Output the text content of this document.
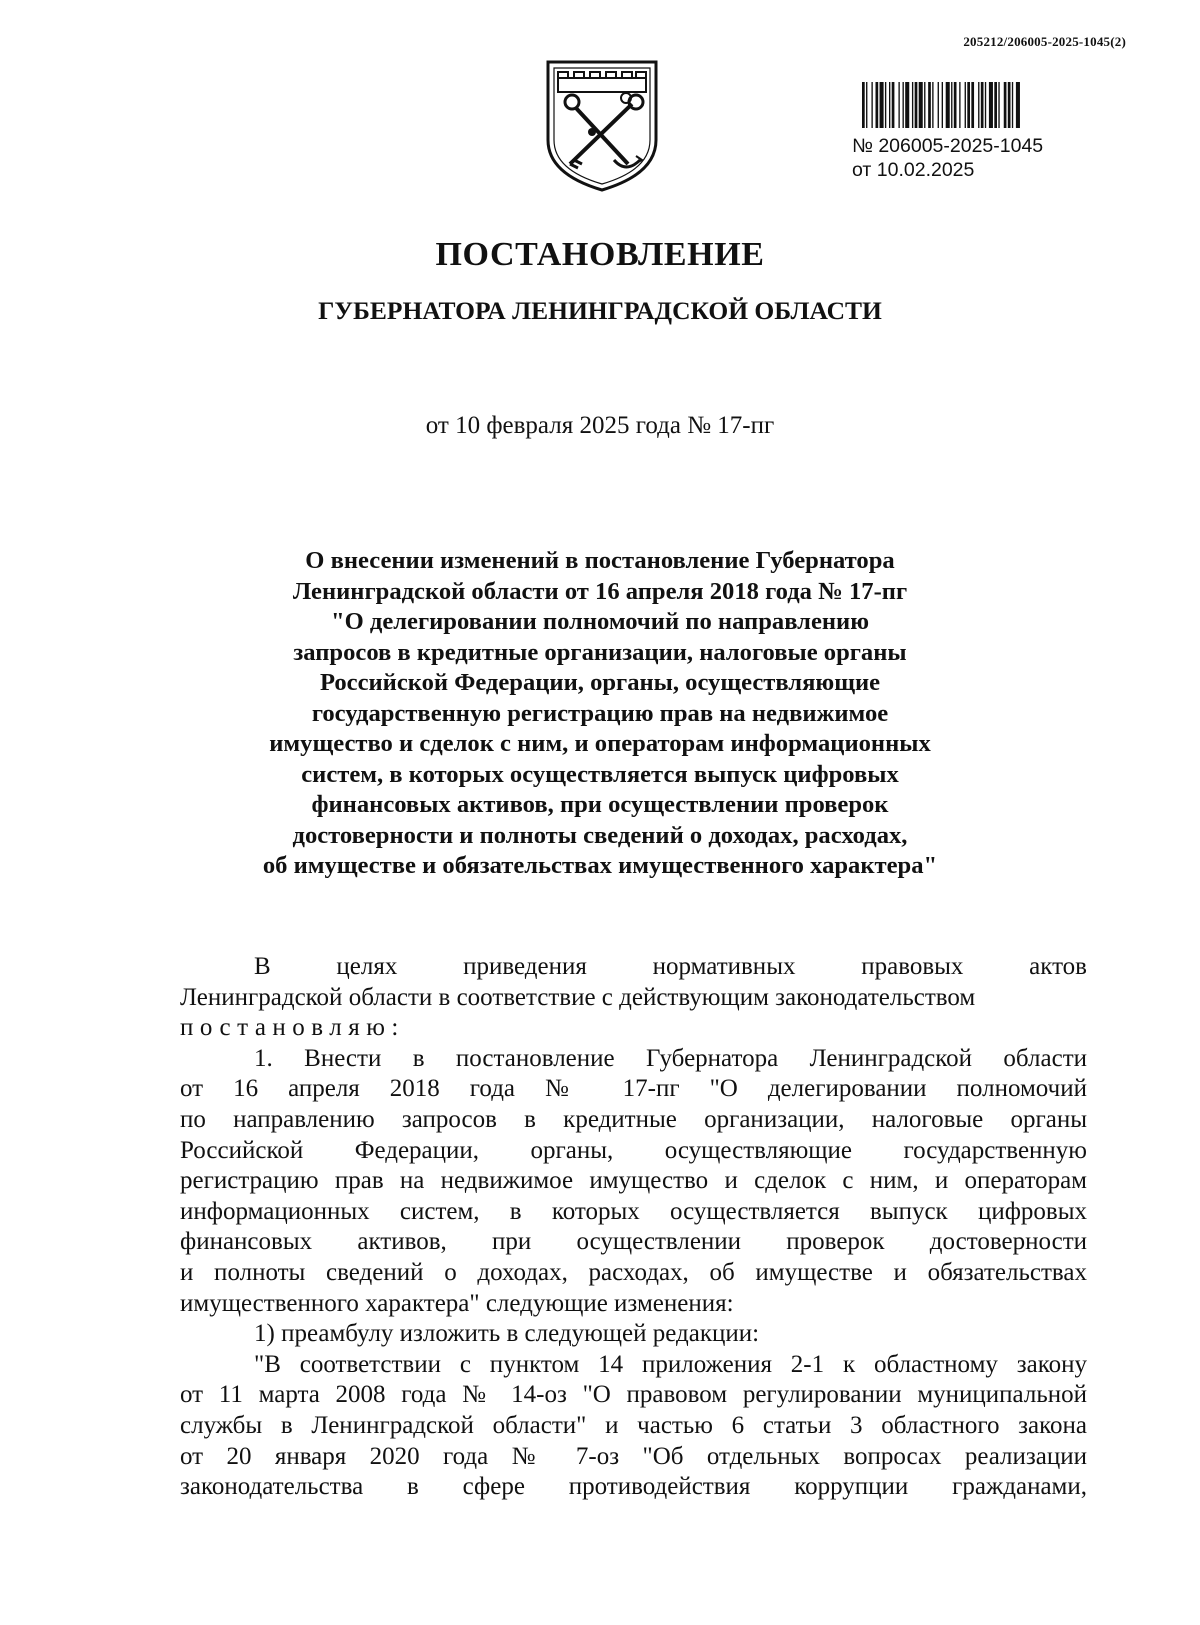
205212/206005-2025-1045(2)
№ 206005-2025-1045
от 10.02.2025
ПОСТАНОВЛЕНИЕ
ГУБЕРНАТОРА ЛЕНИНГРАДСКОЙ ОБЛАСТИ
от 10 февраля 2025 года № 17-пг
О внесении изменений в постановление Губернатора
Ленинградской области от 16 апреля 2018 года № 17-пг
"О делегировании полномочий по направлению
запросов в кредитные организации, налоговые органы
Российской Федерации, органы, осуществляющие
государственную регистрацию прав на недвижимое
имущество и сделок с ним, и операторам информационных
систем, в которых осуществляется выпуск цифровых
финансовых активов, при осуществлении проверок
достоверности и полноты сведений о доходах, расходах,
об имуществе и обязательствах имущественного характера"
В целях приведения нормативных правовых актов
Ленинградской области в соответствие с действующим законодательством
постановляю:
1. Внести в постановление Губернатора Ленинградской области
от 16 апреля 2018 года № 17-пг "О делегировании полномочий
по направлению запросов в кредитные организации, налоговые органы
Российской Федерации, органы, осуществляющие государственную
регистрацию прав на недвижимое имущество и сделок с ним, и операторам
информационных систем, в которых осуществляется выпуск цифровых
финансовых активов, при осуществлении проверок достоверности
и полноты сведений о доходах, расходах, об имуществе и обязательствах
имущественного характера" следующие изменения:
1) преамбулу изложить в следующей редакции:
"В соответствии с пунктом 14 приложения 2-1 к областному закону
от 11 марта 2008 года № 14-оз "О правовом регулировании муниципальной
службы в Ленинградской области" и частью 6 статьи 3 областного закона
от 20 января 2020 года № 7-оз "Об отдельных вопросах реализации
законодательства в сфере противодействия коррупции гражданами,
